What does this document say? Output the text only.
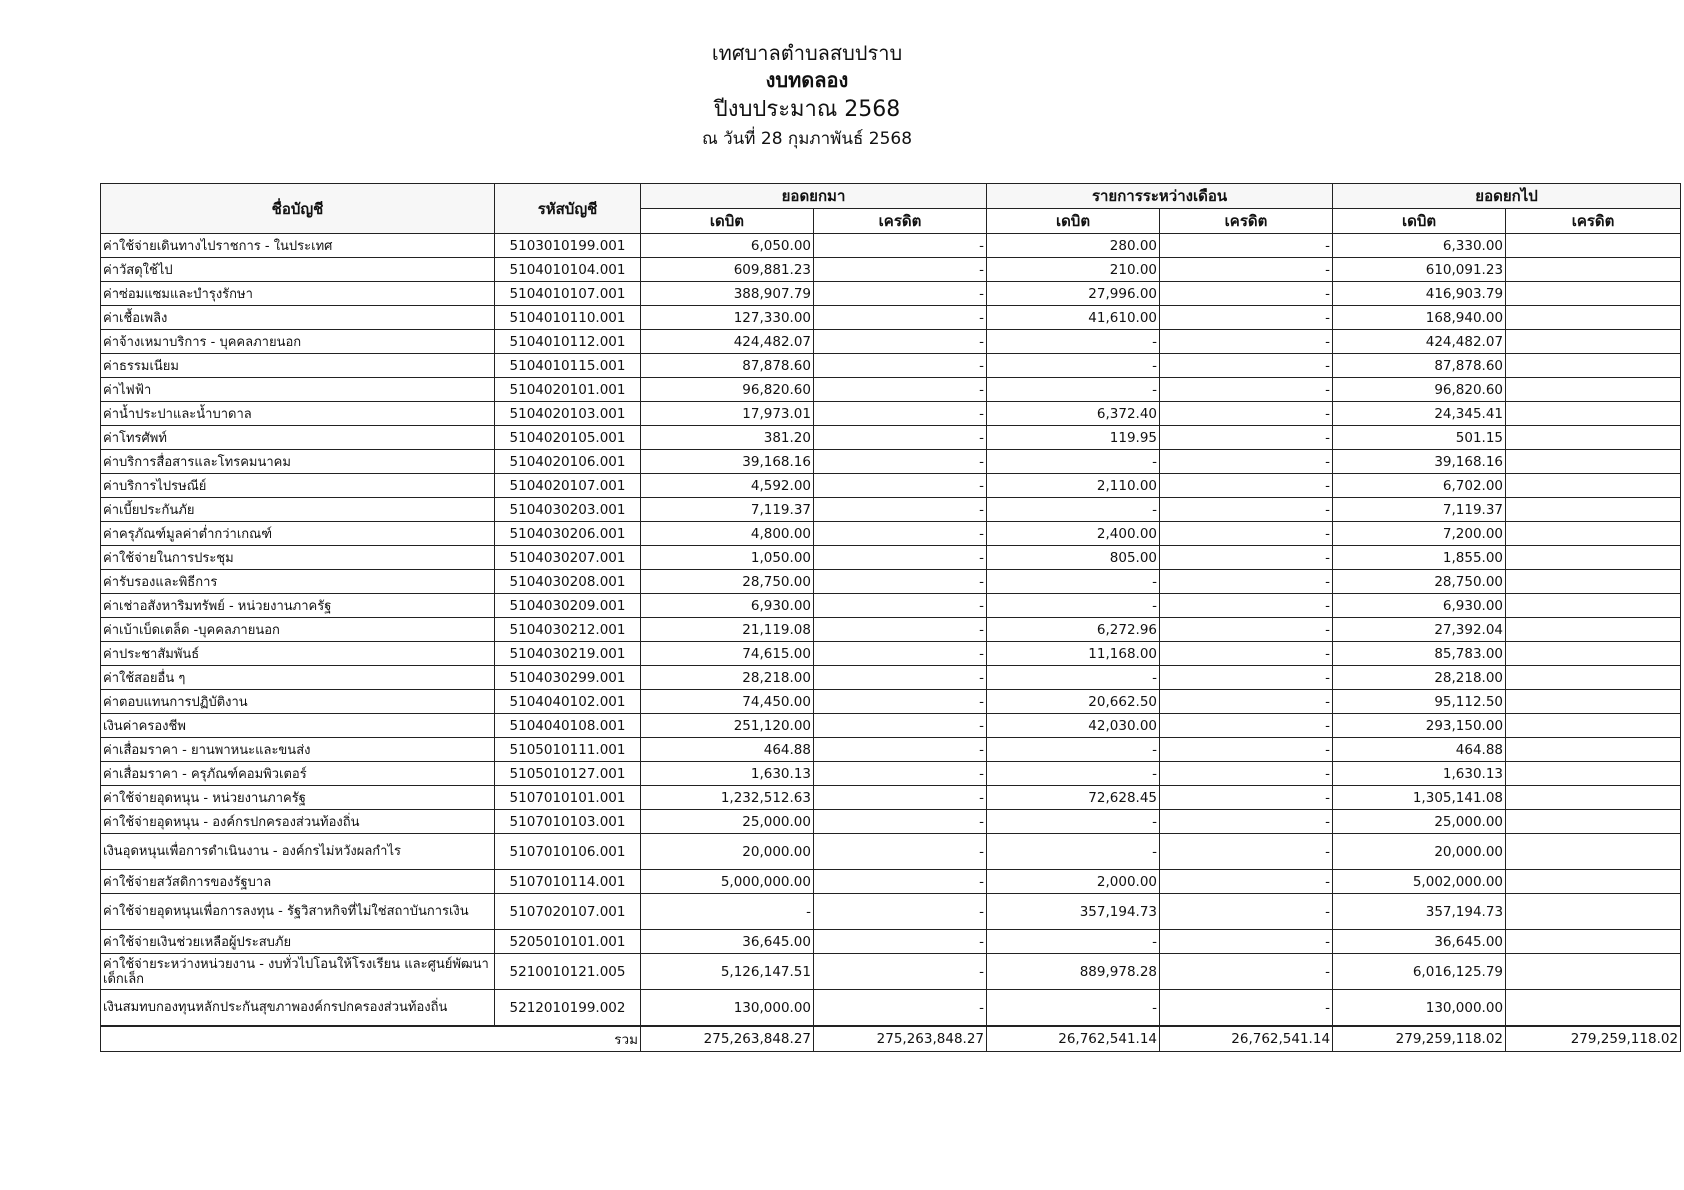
เทศบาลตำบลสบปราบ
งบทดลอง
ปีงบประมาณ 2568
ณ วันที่ 28 กุมภาพันธ์ 2568
ชื่อบัญชี	รหัสบัญชี	ยอดยกมา		รายการระหว่างเดือน		ยอดยกไป	
		เดบิต	เครดิต	เดบิต	เครดิต	เดบิต	เครดิต
ค่าใช้จ่ายเดินทางไปราชการ - ในประเทศ	5103010199.001	6,050.00	-	280.00	-	6,330.00	
ค่าวัสดุใช้ไป	5104010104.001	609,881.23	-	210.00	-	610,091.23	
ค่าซ่อมแซมและบำรุงรักษา	5104010107.001	388,907.79	-	27,996.00	-	416,903.79	
ค่าเชื้อเพลิง	5104010110.001	127,330.00	-	41,610.00	-	168,940.00	
ค่าจ้างเหมาบริการ - บุคคลภายนอก	5104010112.001	424,482.07	-	-	-	424,482.07	
ค่าธรรมเนียม	5104010115.001	87,878.60	-	-	-	87,878.60	
ค่าไฟฟ้า	5104020101.001	96,820.60	-	-	-	96,820.60	
ค่าน้ำประปาและน้ำบาดาล	5104020103.001	17,973.01	-	6,372.40	-	24,345.41	
ค่าโทรศัพท์	5104020105.001	381.20	-	119.95	-	501.15	
ค่าบริการสื่อสารและโทรคมนาคม	5104020106.001	39,168.16	-	-	-	39,168.16	
ค่าบริการไปรษณีย์	5104020107.001	4,592.00	-	2,110.00	-	6,702.00	
ค่าเบี้ยประกันภัย	5104030203.001	7,119.37	-	-	-	7,119.37	
ค่าครุภัณฑ์มูลค่าต่ำกว่าเกณฑ์	5104030206.001	4,800.00	-	2,400.00	-	7,200.00	
ค่าใช้จ่ายในการประชุม	5104030207.001	1,050.00	-	805.00	-	1,855.00	
ค่ารับรองและพิธีการ	5104030208.001	28,750.00	-	-	-	28,750.00	
ค่าเช่าอสังหาริมทรัพย์ - หน่วยงานภาครัฐ	5104030209.001	6,930.00	-	-	-	6,930.00	
ค่าเบ้าเบ็ดเตล็ด -บุคคลภายนอก	5104030212.001	21,119.08	-	6,272.96	-	27,392.04	
ค่าประชาสัมพันธ์	5104030219.001	74,615.00	-	11,168.00	-	85,783.00	
ค่าใช้สอยอื่น ๆ	5104030299.001	28,218.00	-	-	-	28,218.00	
ค่าตอบแทนการปฏิบัติงาน	5104040102.001	74,450.00	-	20,662.50	-	95,112.50	
เงินค่าครองชีพ	5104040108.001	251,120.00	-	42,030.00	-	293,150.00	
ค่าเสื่อมราคา - ยานพาหนะและขนส่ง	5105010111.001	464.88	-	-	-	464.88	
ค่าเสื่อมราคา - ครุภัณฑ์คอมพิวเตอร์	5105010127.001	1,630.13	-	-	-	1,630.13	
ค่าใช้จ่ายอุดหนุน - หน่วยงานภาครัฐ	5107010101.001	1,232,512.63	-	72,628.45	-	1,305,141.08	
ค่าใช้จ่ายอุดหนุน - องค์กรปกครองส่วนท้องถิ่น	5107010103.001	25,000.00	-	-	-	25,000.00	
เงินอุดหนุนเพื่อการดำเนินงาน - องค์กรไม่หวังผลกำไร	5107010106.001	20,000.00	-	-	-	20,000.00	
ค่าใช้จ่ายสวัสดิการของรัฐบาล	5107010114.001	5,000,000.00	-	2,000.00	-	5,002,000.00	
ค่าใช้จ่ายอุดหนุนเพื่อการลงทุน - รัฐวิสาหกิจที่ไม่ใช่สถาบันการเงิน	5107020107.001	-	-	357,194.73	-	357,194.73	
ค่าใช้จ่ายเงินช่วยเหลือผู้ประสบภัย	5205010101.001	36,645.00	-	-	-	36,645.00	
ค่าใช้จ่ายระหว่างหน่วยงาน - งบทั่วไปโอนให้โรงเรียน และศูนย์พัฒนาเด็กเล็ก	5210010121.005	5,126,147.51	-	889,978.28	-	6,016,125.79	
เงินสมทบกองทุนหลักประกันสุขภาพองค์กรปกครองส่วนท้องถิ่น	5212010199.002	130,000.00	-	-	-	130,000.00	
รวม		275,263,848.27	275,263,848.27	26,762,541.14	26,762,541.14	279,259,118.02	279,259,118.02
